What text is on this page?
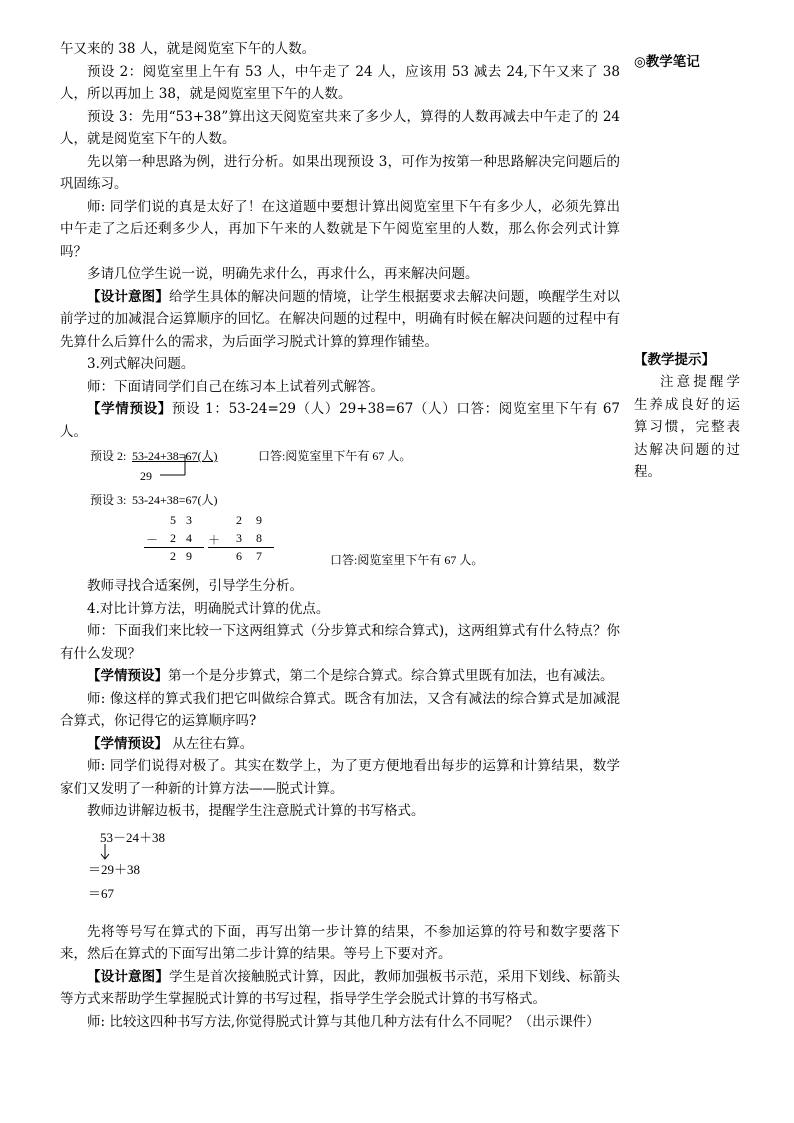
◎教学笔记
【教学提示】
注意提醒学生养成良好的运算习惯，完整表达解决问题的过程。

午又来的 38 人，就是阅览室下午的人数。

预设 2：阅览室里上午有 53 人，中午走了 24 人，应该用 53 减去 24,下午又来了 38 人，所以再加上 38，就是阅览室里下午的人数。

预设 3：先用“53+38”算出这天阅览室共来了多少人，算得的人数再减去中午走了的 24 人，就是阅览室下午的人数。

先以第一种思路为例，进行分析。如果出现预设 3，可作为按第一种思路解决完问题后的巩固练习。

师: 同学们说的真是太好了！在这道题中要想计算出阅览室里下午有多少人，必须先算出中午走了之后还剩多少人，再加下午来的人数就是下午阅览室里的人数，那么你会列式计算吗？

多请几位学生说一说，明确先求什么，再求什么，再来解决问题。

【设计意图】给学生具体的解决问题的情境，让学生根据要求去解决问题，唤醒学生对以前学过的加减混合运算顺序的回忆。在解决问题的过程中，明确有时候在解决问题的过程中有先算什么后算什么的需求，为后面学习脱式计算的算理作铺垫。

3.列式解决问题。

师：下面请同学们自己在练习本上试着列式解答。

【学情预设】预设 1：53-24=29（人）29+38=67（人）口答：阅览室里下午有 67 人。

预设 2: 53-24+38=67(人)	口答:阅览室里下午有 67 人。
29
预设 3: 53-24+38=67(人)
5 3
－ 2 4
2 9
2 9
＋ 3 8
6 7	口答:阅览室里下午有 67 人。

教师寻找合适案例，引导学生分析。

4.对比计算方法，明确脱式计算的优点。

师：下面我们来比较一下这两组算式（分步算式和综合算式)，这两组算式有什么特点？你有什么发现？

【学情预设】第一个是分步算式，第二个是综合算式。综合算式里既有加法，也有减法。

师: 像这样的算式我们把它叫做综合算式。既含有加法，又含有减法的综合算式是加减混合算式，你记得它的运算顺序吗?

【学情预设】 从左往右算。

师: 同学们说得对极了。其实在数学上，为了更方便地看出每步的运算和计算结果，数学家们又发明了一种新的计算方法——脱式计算。

教师边讲解边板书，提醒学生注意脱式计算的书写格式。

53－24＋38
＝29＋38
＝67

先将等号写在算式的下面，再写出第一步计算的结果，不参加运算的符号和数字要落下来，然后在算式的下面写出第二步计算的结果。等号上下要对齐。

【设计意图】学生是首次接触脱式计算，因此，教师加强板书示范，采用下划线、标箭头等方式来帮助学生掌握脱式计算的书写过程，指导学生学会脱式计算的书写格式。

师: 比较这四种书写方法,你觉得脱式计算与其他几种方法有什么不同呢？（出示课件）
